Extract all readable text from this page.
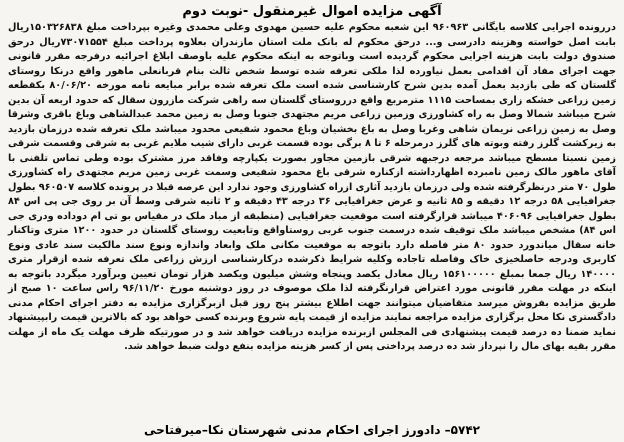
آگهی مزایده اموال غیرمنقول -نوبت دوم

دررونده اجرایی کلاسه بایگانی ۹۶۰۹۶۳ این شعبه محکوم علیه حسین مهدوی وعلی محمدی وغیره بپرداخت مبلغ ۱۵۰۳۲۶۸۳۸ریال بابت اصل خواسته وهزینه دادرسی و... درحق محکوم له بانک ملت استان مازندران بعلاوه پرداخت مبلغ ۷۳۰۷۱۵۵۴ریال درحق صندوق دولت بابت هزینه اجرایی محکوم گردیده است وباتوجه به اینکه محکوم علیه باوصف ابلاغ اجرائیه درفرجه مقرر قانونی جهت اجرای مفاد آن اقدامی بعمل نیاورده لذا ملکی تعرفه شده توسط شخص ثالث بنام قربانعلی ماهور واقع درنکا روستای گلستان که طی بازدید بعمل آمده بدین شرح کارشناسی شده است ملک تعرفه شده برابر مبایعه نامه مورخه ۸۰/۰۶/۲۰ بکقطعه زمین زراعی خشکه زاری بمساحت ۱۱۱۵ مترمربع واقع درروستای گلستان سه راهی شرکت مازرون سقال که حدود اربعه آن بدین شرح میباشد شمالا وصل به راه کشاورزی وزمین زراعی مریم مجتهدی جنوبا وصل به زمین محمد عبدالشاهی وباغ باقری وشرقا وصل به زمین زراعی نریمان شاهی وغربا وصل به باغ بخشیان وباغ محمود شفیعی محدود میباشد ملک تعرفه شده درزمان بازدید به زیرکشت گلرز رفته وبوته های گلرز درمرحله ۶ تا ۸ برگی بوده قسمت غربی دارای شیب ملایم غربی به شرقی وقسمت شرقی زمین نسبتا مسطح میباشد مرجعه درجبهه شرقی بازمین مجاور بصورت یکپارچه وفاقد مرز مشترک بوده وطی تماس تلفنی با آقای ماهور مالک زمین نامبرده اظهارداشته ازکناره شرقی باغ محمود شفیعی وسمت غربی زمین مریم مجتهدی راه کشاورزی طول ۷۰ متر درنظرگرفته شده ولی درزمان بازدید آثاری ازراه کشاورزی وجود ندارد این عرصه قبلا در پرونده کلاسه ۹۶۰۵۰۷ بطول جغرافیایی ۵۸ درجه ۱۲ دقیقه و ۸۵ ثانیه و عرض جغرافیایی ۳۶ درجه ۴۳ دقیقه و ۲ ثانیه شرقی وسط آن بر روی جی پی اس ۸۴ بطول جغرافیایی ۴۰۶۰۹۶ میباشد قرارگرفته است موقعیت جغرافیایی (منطبقه از مباد ملک در مقیاس بو تی ام دوداده ودری جی اس ۸۴) مشخص میباشد ملک توقیف شده درسمت جنوب غربی روستاواقع وتابعیت روستای گلستان در حدود ۱۲۰۰ متری وتاکنار خانه سقال میاندورد حدود ۸۰ متر فاصله دارد باتوجه به موقعیت مکانی ملک وابعاد واندازه ونوع سند مالکیت سند عادی ونوع کاربری ودرجه حاصلخیزی خاک وفاصله تاجاده وکلیه شرایط ذکرشده درکارشناسی ارزش زراعی ملک تعرفه شده ازقرار متری ۱۴۰۰۰۰ ریال جمعا بمبلغ ۱۵۶۱۰۰۰۰۰ ریال معادل یکصد وپنجاه وشش میلیون ویکصد هزار تومان تعیین وبرآورد میگردد باتوجه به اینکه در مهلت مقرر قانونی مورد اعتراض قرارنگرفته لذا ملک موصوف در روز دوشنبه مورخ ۹۶/۱۱/۲۰ راس ساعت ۱۰ صبح از طریق مزایده بفروش میرسد متقاضیان میتوانند جهت اطلاع بیشتر پنج روز قبل ازبرگزاری مزایده به دفتر اجرای احکام مدنی دادگستری نکا محل برگزاری مزایده مراجعه نمایند مزایده از قیمت پایه شروع وبرنده کسی خواهد بود که بالاترین قیمت رابپیشنهاد نماید ضمنا ده درصد قیمت پیشنهادی فی المجلس ازبرنده مزایده دریافت خواهد شد و در صورتیکه ظرف مهلت یک ماه از مهلت مقرر بقیه بهای مال را نپرداز شد ده درصد پرداختی پس از کسر هزینه مزایده بنفع دولت ضبط خواهد شد.

۵۷۴۲– دادورز اجرای احکام مدنی شهرستان نکا–میرفتاحی
